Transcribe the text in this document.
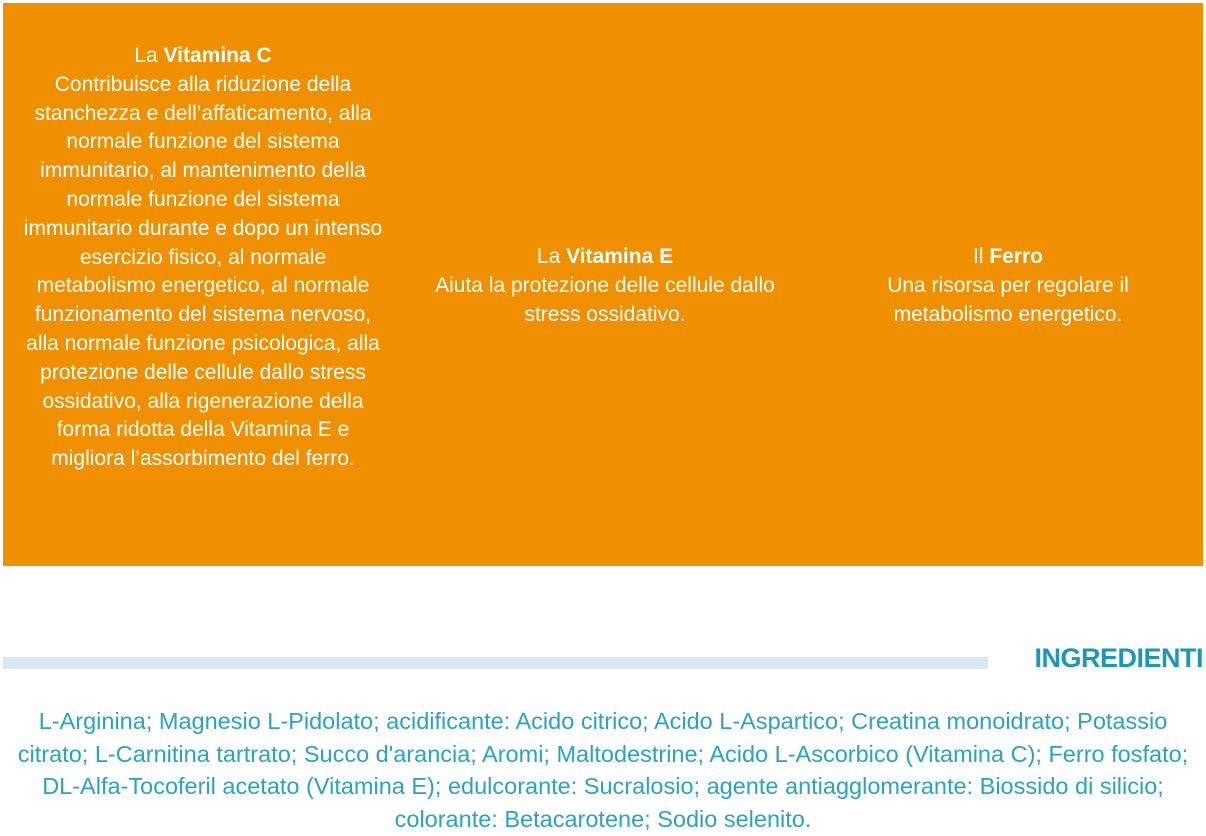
La Vitamina C
Contribuisce alla riduzione della stanchezza e dell’affaticamento, alla normale funzione del sistema immunitario, al mantenimento della normale funzione del sistema immunitario durante e dopo un intenso esercizio fisico, al normale metabolismo energetico, al normale funzionamento del sistema nervoso, alla normale funzione psicologica, alla protezione delle cellule dallo stress ossidativo, alla rigenerazione della forma ridotta della Vitamina E e migliora l’assorbimento del ferro.
La Vitamina E
Aiuta la protezione delle cellule dallo stress ossidativo.
Il Ferro
Una risorsa per regolare il metabolismo energetico.
INGREDIENTI
L-Arginina; Magnesio L-Pidolato; acidificante: Acido citrico; Acido L-Aspartico; Creatina monoidrato; Potassio citrato; L-Carnitina tartrato; Succo d'arancia; Aromi; Maltodestrine; Acido L-Ascorbico (Vitamina C); Ferro fosfato; DL-Alfa-Tocoferil acetato (Vitamina E); edulcorante: Sucralosio; agente antiagglomerante: Biossido di silicio; colorante: Betacarotene; Sodio selenito.
